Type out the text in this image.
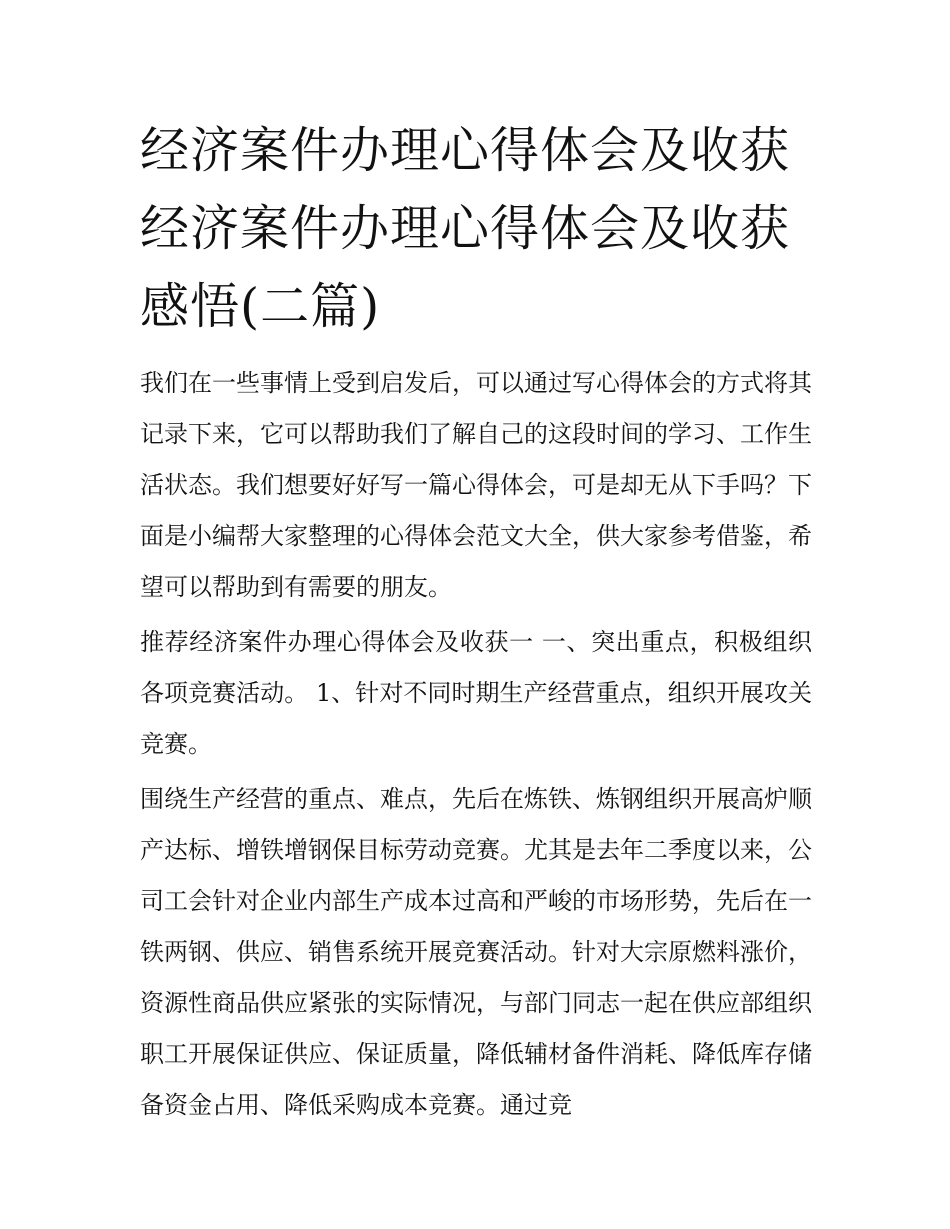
经济案件办理心得体会及收获经济案件办理心得体会及收获感悟(二篇)

我们在一些事情上受到启发后，可以通过写心得体会的方式将其记录下来，它可以帮助我们了解自己的这段时间的学习、工作生活状态。我们想要好好写一篇心得体会，可是却无从下手吗？下面是小编帮大家整理的心得体会范文大全，供大家参考借鉴，希望可以帮助到有需要的朋友。

推荐经济案件办理心得体会及收获一 一、突出重点，积极组织各项竞赛活动。 1、针对不同时期生产经营重点，组织开展攻关竞赛。

围绕生产经营的重点、难点，先后在炼铁、炼钢组织开展高炉顺产达标、增铁增钢保目标劳动竞赛。尤其是去年二季度以来，公司工会针对企业内部生产成本过高和严峻的市场形势，先后在一铁两钢、供应、销售系统开展竞赛活动。针对大宗原燃料涨价，资源性商品供应紧张的实际情况，与部门同志一起在供应部组织职工开展保证供应、保证质量，降低辅材备件消耗、降低库存储备资金占用、降低采购成本竞赛。通过竞
